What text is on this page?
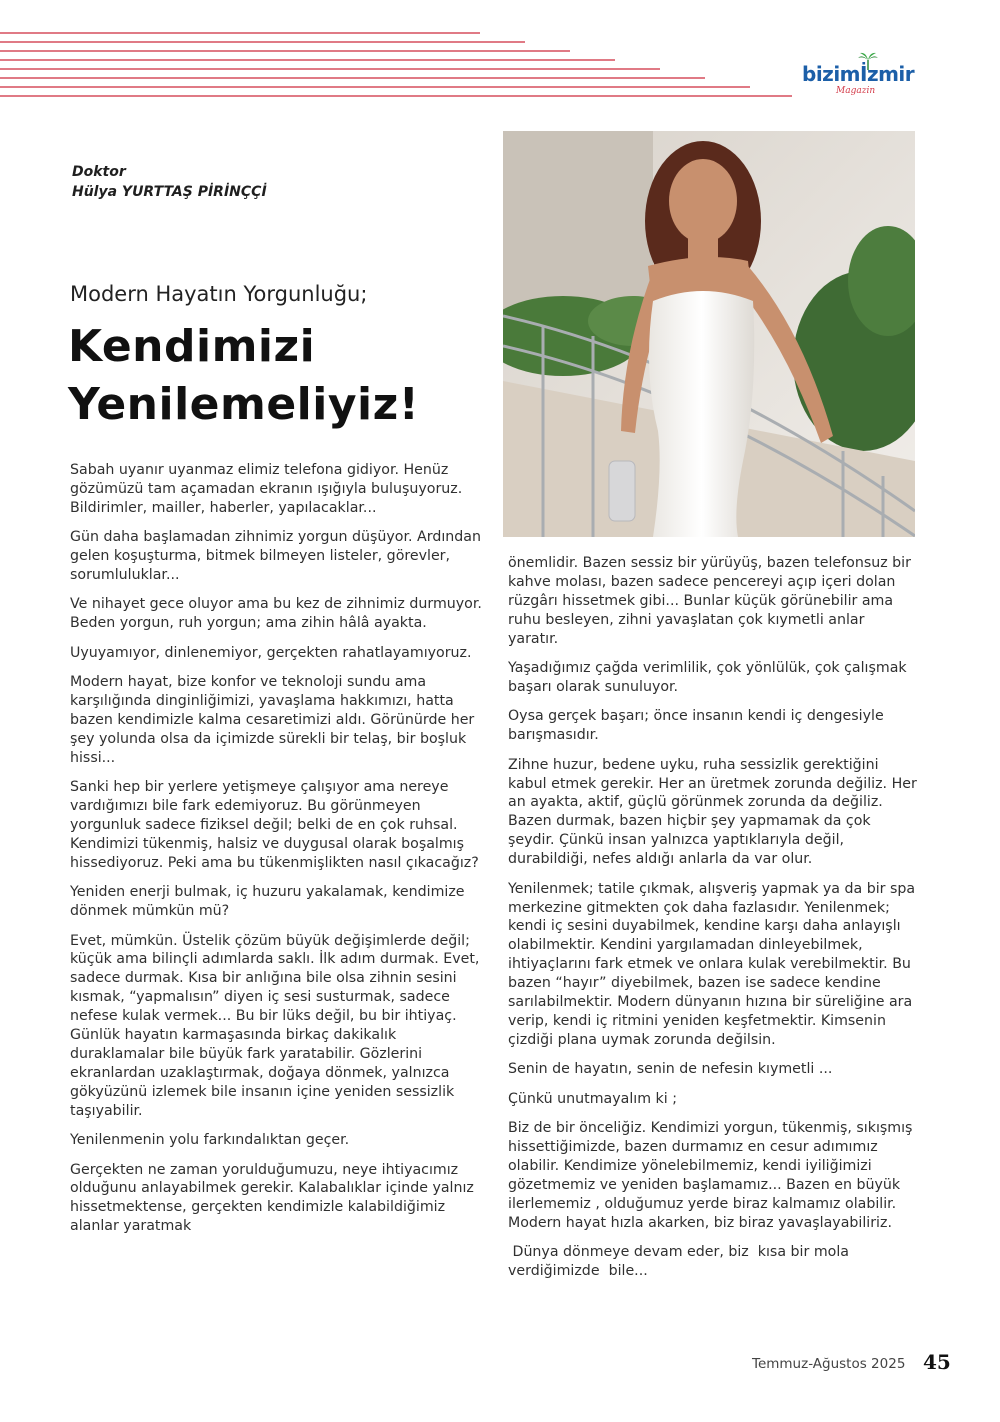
bizimİzmir
Magazin
Doktor
Hülya YURTTAŞ PİRİNÇÇİ
Modern Hayatın Yorgunluğu;
Kendimizi Yenilemeliyiz!

Sabah uyanır uyanmaz elimiz telefona gidiyor. Henüz gözümüzü tam açamadan ekranın ışığıyla buluşuyoruz. Bildirimler, mailler, haberler, yapılacaklar...

Gün daha başlamadan zihnimiz yorgun düşüyor. Ardından gelen koşuşturma, bitmek bilmeyen listeler, görevler, sorumluluklar...

Ve nihayet gece oluyor ama bu kez de zihnimiz durmuyor. Beden yorgun, ruh yorgun; ama zihin hâlâ ayakta.

Uyuyamıyor, dinlenemiyor, gerçekten rahatlayamıyoruz.

Modern hayat, bize konfor ve teknoloji sundu ama karşılığında dinginliğimizi, yavaşlama hakkımızı, hatta bazen kendimizle kalma cesaretimizi aldı. Görünürde her şey yolunda olsa da içimizde sürekli bir telaş, bir boşluk hissi...

Sanki hep bir yerlere yetişmeye çalışıyor ama nereye vardığımızı bile fark edemiyoruz. Bu görünmeyen yorgunluk sadece fiziksel değil; belki de en çok ruhsal. Kendimizi tükenmiş, halsiz ve duygusal olarak boşalmış hissediyoruz. Peki ama bu tükenmişlikten nasıl çıkacağız?

Yeniden enerji bulmak, iç huzuru yakalamak, kendimize dönmek mümkün mü?

Evet, mümkün. Üstelik çözüm büyük değişimlerde değil; küçük ama bilinçli adımlarda saklı. İlk adım durmak. Evet, sadece durmak. Kısa bir anlığına bile olsa zihnin sesini kısmak, “yapmalısın” diyen iç sesi susturmak, sadece nefese kulak vermek... Bu bir lüks değil, bu bir ihtiyaç. Günlük hayatın karmaşasında birkaç dakikalık duraklamalar bile büyük fark yaratabilir. Gözlerini ekranlardan uzaklaştırmak, doğaya dönmek, yalnızca gökyüzünü izlemek bile insanın içine yeniden sessizlik taşıyabilir.

Yenilenmenin yolu farkındalıktan geçer.

Gerçekten ne zaman yorulduğumuzu, neye ihtiyacımız olduğunu anlayabilmek gerekir. Kalabalıklar içinde yalnız hissetmektense, gerçekten kendimizle kalabildiğimiz alanlar yaratmak

önemlidir. Bazen sessiz bir yürüyüş, bazen telefonsuz bir kahve molası, bazen sadece pencereyi açıp içeri dolan rüzgârı hissetmek gibi... Bunlar küçük görünebilir ama ruhu besleyen, zihni yavaşlatan çok kıymetli anlar yaratır.

Yaşadığımız çağda verimlilik, çok yönlülük, çok çalışmak başarı olarak sunuluyor.

Oysa gerçek başarı; önce insanın kendi iç dengesiyle barışmasıdır.

Zihne huzur, bedene uyku, ruha sessizlik gerektiğini kabul etmek gerekir. Her an üretmek zorunda değiliz. Her an ayakta, aktif, güçlü görünmek zorunda da değiliz. Bazen durmak, bazen hiçbir şey yapmamak da çok şeydir. Çünkü insan yalnızca yaptıklarıyla değil, durabildiği, nefes aldığı anlarla da var olur.

Yenilenmek; tatile çıkmak, alışveriş yapmak ya da bir spa merkezine gitmekten çok daha fazlasıdır. Yenilenmek; kendi iç sesini duyabilmek, kendine karşı daha anlayışlı olabilmektir. Kendini yargılamadan dinleyebilmek, ihtiyaçlarını fark etmek ve onlara kulak verebilmektir. Bu bazen “hayır” diyebilmek, bazen ise sadece kendine sarılabilmektir. Modern dünyanın hızına bir süreliğine ara verip, kendi iç ritmini yeniden keşfetmektir. Kimsenin çizdiği plana uymak zorunda değilsin.

Senin de hayatın, senin de nefesin kıymetli ...

Çünkü unutmayalım ki ;

Biz de bir önceliğiz. Kendimizi yorgun, tükenmiş, sıkışmış hissettiğimizde, bazen durmamız en cesur adımımız olabilir. Kendimize yönelebilmemiz, kendi iyiliğimizi gözetmemiz ve yeniden başlamamız... Bazen en büyük ilerlememiz , olduğumuz yerde biraz kalmamız olabilir. Modern hayat hızla akarken, biz biraz yavaşlayabiliriz.

Dünya dönmeye devam eder, biz  kısa bir mola verdiğimizde  bile...

Temmuz-Ağustos 2025 45
